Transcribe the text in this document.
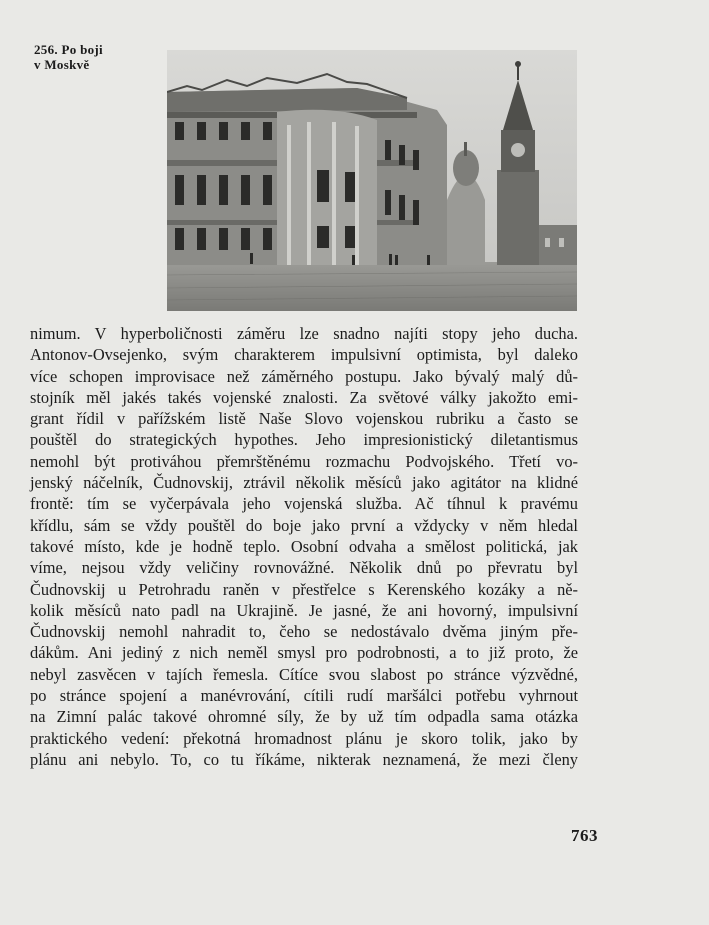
256. Po boji
v Moskvě
nimum. V hyperboličnosti záměru lze snadno najíti stopy jeho ducha.
Antonov-Ovsejenko, svým charakterem impulsivní optimista, byl daleko
více schopen improvisace než záměrného postupu. Jako bývalý malý dů-
stojník měl jakés takés vojenské znalosti. Za světové války jakožto emi-
grant řídil v pařížském listě Naše Slovo vojenskou rubriku a často se
pouštěl do strategických hypothes. Jeho impresionistický diletantismus
nemohl být protiváhou přemrštěnému rozmachu Podvojského. Třetí vo-
jenský náčelník, Čudnovskij, ztrávil několik měsíců jako agitátor na klidné
frontě: tím se vyčerpávala jeho vojenská služba. Ač tíhnul k pravému
křídlu, sám se vždy pouštěl do boje jako první a vždycky v něm hledal
takové místo, kde je hodně teplo. Osobní odvaha a smělost politická, jak
víme, nejsou vždy veličiny rovnovážné. Několik dnů po převratu byl
Čudnovskij u Petrohradu raněn v přestřelce s Kerenského kozáky a ně-
kolik měsíců nato padl na Ukrajině. Je jasné, že ani hovorný, impulsivní
Čudnovskij nemohl nahradit to, čeho se nedostávalo dvěma jiným pře-
dákům. Ani jediný z nich neměl smysl pro podrobnosti, a to již proto, že
nebyl zasvěcen v tajích řemesla. Cítíce svou slabost po stránce výzvědné,
po stránce spojení a manévrování, cítili rudí maršálci potřebu vyhrnout
na Zimní palác takové ohromné síly, že by už tím odpadla sama otázka
praktického vedení: překotná hromadnost plánu je skoro tolik, jako by
plánu ani nebylo. To, co tu říkáme, nikterak neznamená, že mezi členy
763
